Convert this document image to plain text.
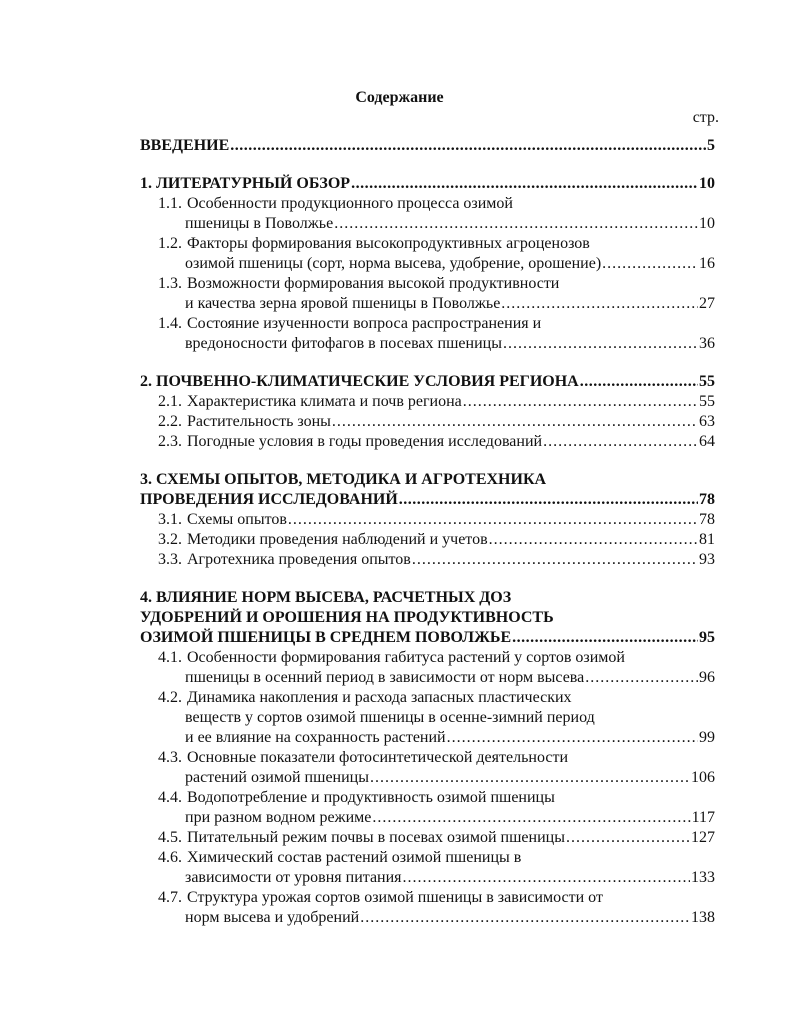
Содержание
стр.
ВВЕДЕНИЕ .....	5
1. ЛИТЕРАТУРНЫЙ ОБЗОР .....	10
1.1. Особенности продукционного процесса озимой
пшеницы в Поволжье .....	10
1.2. Факторы формирования высокопродуктивных агроценозов
озимой пшеницы (сорт, норма высева, удобрение, орошение) .....	16
1.3. Возможности формирования высокой продуктивности
и качества зерна яровой пшеницы в Поволжье .....	27
1.4. Состояние изученности вопроса распространения и
вредоносности фитофагов в посевах пшеницы .....	36
2. ПОЧВЕННО-КЛИМАТИЧЕСКИЕ УСЛОВИЯ РЕГИОНА .....	55
2.1. Характеристика климата и почв региона .....	55
2.2. Растительность зоны .....	63
2.3. Погодные условия в годы проведения исследований .....	64
3. СХЕМЫ ОПЫТОВ, МЕТОДИКА И АГРОТЕХНИКА
ПРОВЕДЕНИЯ ИССЛЕДОВАНИЙ .....	78
3.1. Схемы опытов .....	78
3.2. Методики проведения наблюдений и учетов .....	81
3.3. Агротехника проведения опытов .....	93
4. ВЛИЯНИЕ НОРМ ВЫСЕВА, РАСЧЕТНЫХ ДОЗ
УДОБРЕНИЙ И ОРОШЕНИЯ НА ПРОДУКТИВНОСТЬ
ОЗИМОЙ ПШЕНИЦЫ В СРЕДНЕМ ПОВОЛЖЬЕ .....	95
4.1. Особенности формирования габитуса растений у сортов озимой
пшеницы в осенний период в зависимости от норм высева .....	96
4.2. Динамика накопления и расхода запасных пластических
веществ у сортов озимой пшеницы в осенне-зимний период
и ее влияние на сохранность растений .....	99
4.3. Основные показатели фотосинтетической деятельности
растений озимой пшеницы .....	106
4.4. Водопотребление и продуктивность озимой пшеницы
при разном водном режиме .....	117
4.5. Питательный режим почвы в посевах озимой пшеницы .....	127
4.6. Химический состав растений озимой пшеницы в
зависимости от уровня питания .....	133
4.7. Структура урожая сортов озимой пшеницы в зависимости от
норм высева и удобрений .....	138
